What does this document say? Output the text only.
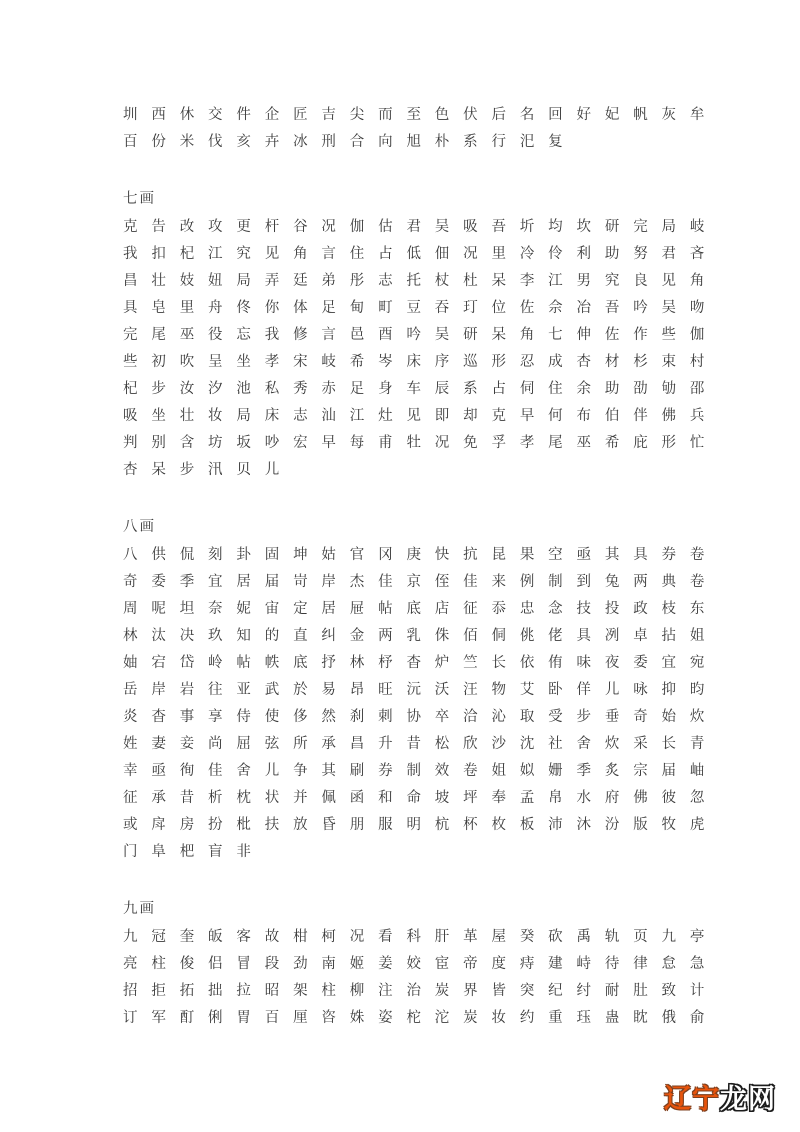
圳 西 休 交 件 企 匠 吉 尖 而 至 色 伏 后 名 回 好 妃 帆 灰 牟
百 份 米 伐 亥 卉 冰 刑 合 向 旭 朴 系 行 汜 复
七画
克 告 改 攻 更 杆 谷 况 伽 估 君 吴 吸 吾 圻 均 坎 研 完 局 岐
我 扣 杞 江 究 见 角 言 住 占 低 佃 况 里 冷 伶 利 助 努 君 吝
昌 壮 妓 妞 局 弄 廷 弟 彤 志 托 杖 杜 呆 李 江 男 究 良 见 角
具 皂 里 舟 佟 你 体 足 甸 町 豆 吞 玎 位 佐 佘 冶 吾 吟 吴 吻
完 尾 巫 役 忘 我 修 言 邑 酉 吟 吴 研 呆 角 七 伸 佐 作 些 伽
些 初 吹 呈 坐 孝 宋 岐 希 岑 床 序 巡 形 忍 成 杏 材 杉 束 村
杞 步 汝 汐 池 私 秀 赤 足 身 车 辰 系 占 伺 住 余 助 劭 劬 邵
吸 坐 壮 妆 局 床 志 汕 江 灶 见 即 却 克 早 何 布 伯 伴 佛 兵
判 别 含 坊 坂 吵 宏 早 每 甫 牡 况 免 孚 孝 尾 巫 希 庇 形 忙
杏 呆 步 汛 贝 儿
八画
八 供 侃 刻 卦 固 坤 姑 官 冈 庚 快 抗 昆 果 空 亟 其 具 券 卷
奇 委 季 宜 居 届 岢 岸 杰 佳 京 侄 佳 来 例 制 到 兔 两 典 卷
周 呢 坦 奈 妮 宙 定 居 屉 帖 底 店 征 忝 忠 念 技 投 政 枝 东
林 汰 决 玖 知 的 直 纠 金 两 乳 侏 佰 侗 佻 佬 具 冽 卓 拈 姐
妯 宕 岱 岭 帖 帙 底 抒 林 杼 杳 炉 竺 长 依 侑 味 夜 委 宜 宛
岳 岸 岩 往 亚 武 於 易 昂 旺 沅 沃 汪 物 艾 卧 佯 儿 咏 抑 昀
炎 杳 事 享 侍 使 侈 然 刹 刺 协 卒 洽 沁 取 受 步 垂 奇 始 炊
姓 妻 妾 尚 屈 弦 所 承 昌 升 昔 松 欣 沙 沈 社 舍 炊 采 长 青
幸 亟 徇 佳 舍 儿 争 其 刷 券 制 效 卷 姐 姒 姗 季 炙 宗 届 岫
征 承 昔 析 枕 状 并 佩 函 和 命 坡 坪 奉 孟 帛 水 府 佛 彼 忽
或 戽 房 扮 枇 扶 放 昏 朋 服 明 杭 杯 枚 板 沛 沐 汾 版 牧 虎
门 阜 杷 盲 非
九画
九 冠 奎 皈 客 故 柑 柯 况 看 科 肝 革 屋 癸 砍 禹 轨 页 九 亭
亮 柱 俊 侣 冒 段 劲 南 姬 姜 姣 宦 帝 度 痔 建 峙 待 律 怠 急
招 拒 拓 拙 拉 昭 架 柱 柳 注 治 炭 界 皆 突 纪 纣 耐 肚 致 计
订 军 酊 俐 胃 百 厘 咨 姝 姿 柁 沱 炭 妆 约 重 珏 蛊 眈 俄 俞
辽宁龙网
